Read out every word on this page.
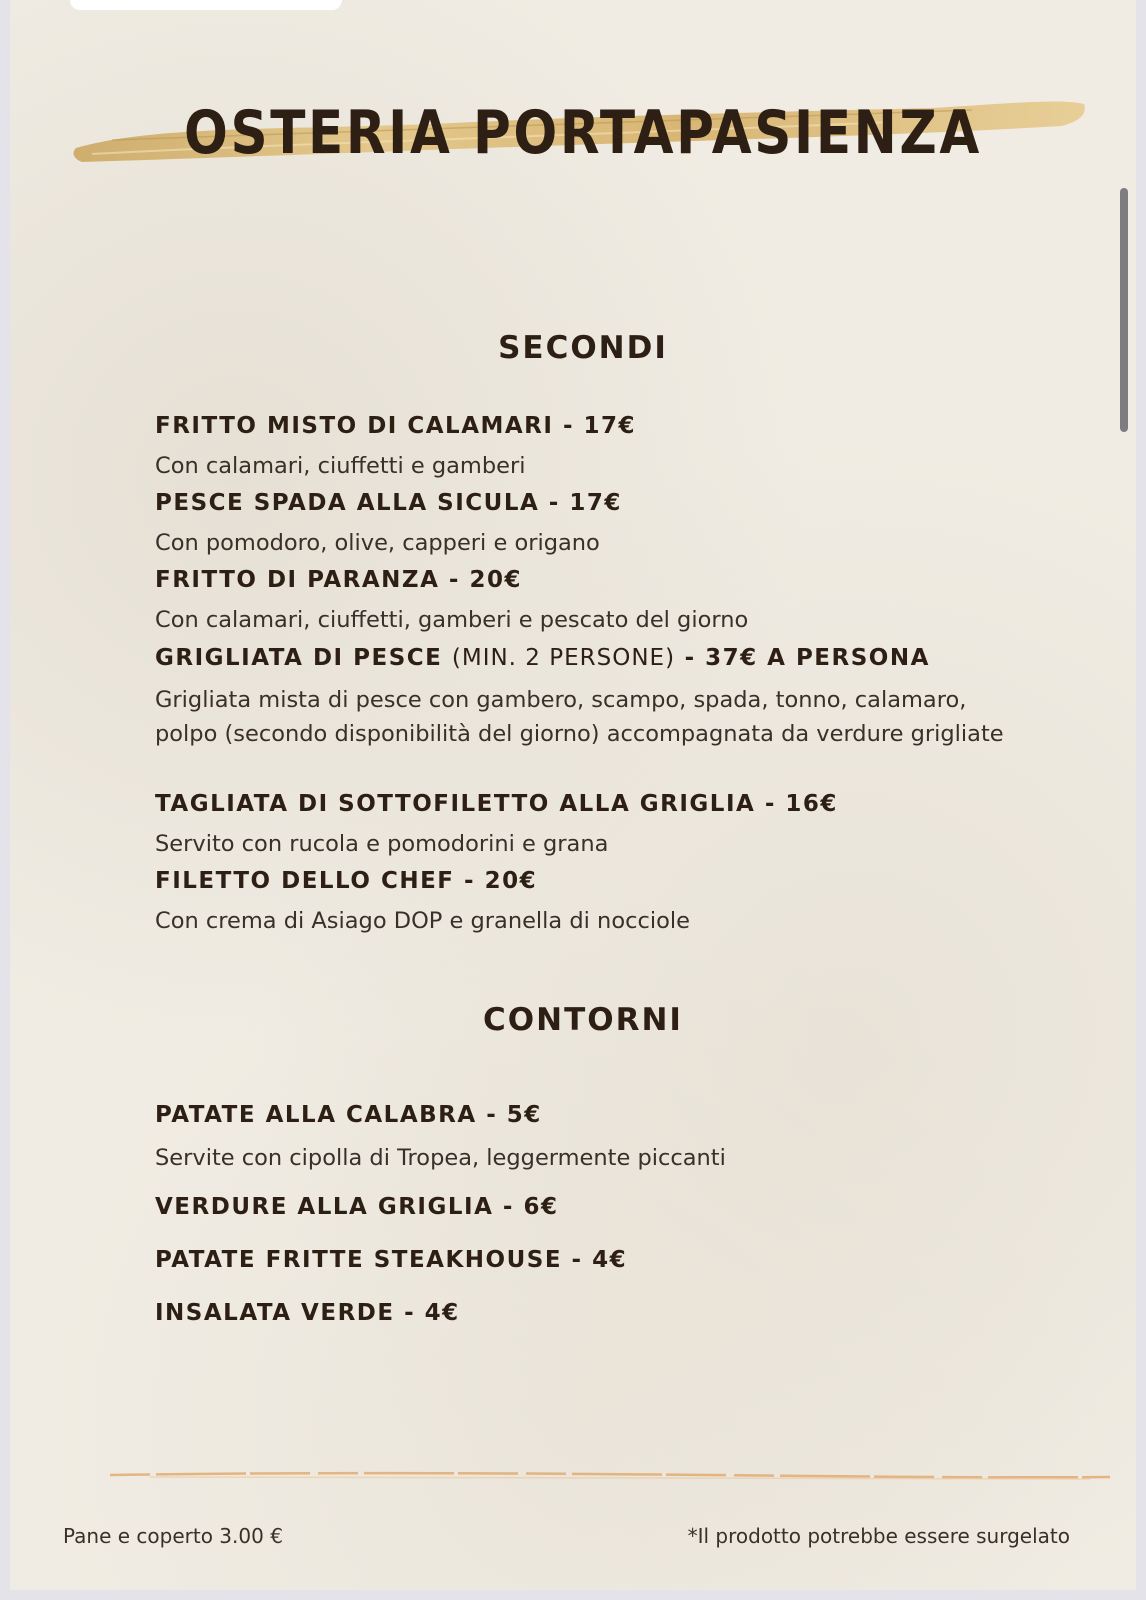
OSTERIA PORTAPASIENZA
SECONDI
FRITTO MISTO DI CALAMARI - 17€
Con calamari, ciuffetti e gamberi
PESCE SPADA ALLA SICULA - 17€
Con pomodoro, olive, capperi e origano
FRITTO DI PARANZA - 20€
Con calamari, ciuffetti, gamberi e pescato del giorno
GRIGLIATA DI PESCE (MIN. 2 PERSONE) - 37€ A PERSONA
Grigliata mista di pesce con gambero, scampo, spada, tonno, calamaro, polpo (secondo disponibilità del giorno) accompagnata da verdure grigliate
TAGLIATA DI SOTTOFILETTO ALLA GRIGLIA - 16€
Servito con rucola e pomodorini e grana
FILETTO DELLO CHEF - 20€
Con crema di Asiago DOP e granella di nocciole
CONTORNI
PATATE ALLA CALABRA - 5€
Servite con cipolla di Tropea, leggermente piccanti
VERDURE ALLA GRIGLIA - 6€
PATATE FRITTE STEAKHOUSE - 4€
INSALATA VERDE - 4€
Pane e coperto 3.00 €	*Il prodotto potrebbe essere surgelato
